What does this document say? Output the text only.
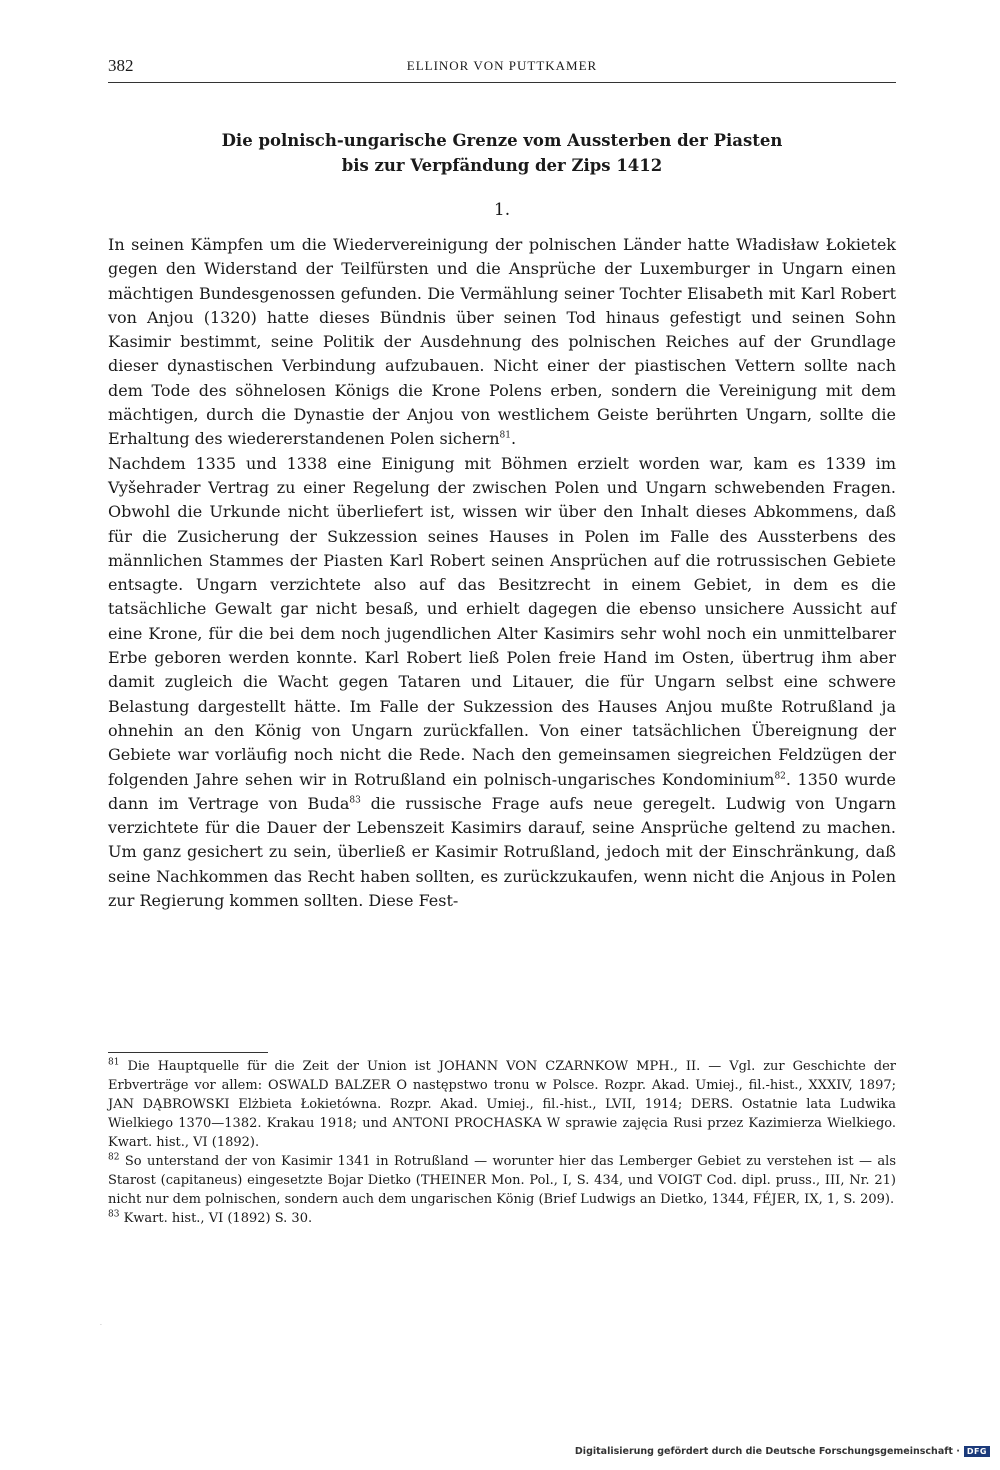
382	ELLINOR VON PUTTKAMER
Die polnisch-ungarische Grenze vom Aussterben der Piasten
bis zur Verpfändung der Zips 1412
1.

In seinen Kämpfen um die Wiedervereinigung der polnischen Länder hatte Władisław Łokietek gegen den Widerstand der Teilfürsten und die Ansprüche der Luxemburger in Ungarn einen mächtigen Bundesgenossen gefunden. Die Vermählung seiner Tochter Elisabeth mit Karl Robert von Anjou (1320) hatte dieses Bündnis über seinen Tod hinaus gefestigt und seinen Sohn Kasimir bestimmt, seine Politik der Ausdehnung des polnischen Reiches auf der Grundlage dieser dynastischen Verbindung aufzubauen. Nicht einer der piastischen Vettern sollte nach dem Tode des söhnelosen Königs die Krone Polens erben, sondern die Vereinigung mit dem mächtigen, durch die Dynastie der Anjou von westlichem Geiste berührten Ungarn, sollte die Erhaltung des wiedererstandenen Polen sichern$^{81}$.

Nachdem 1335 und 1338 eine Einigung mit Böhmen erzielt worden war, kam es 1339 im Vyšehrader Vertrag zu einer Regelung der zwischen Polen und Ungarn schwebenden Fragen. Obwohl die Urkunde nicht überliefert ist, wissen wir über den Inhalt dieses Abkommens, daß für die Zusicherung der Sukzession seines Hauses in Polen im Falle des Aussterbens des männlichen Stammes der Piasten Karl Robert seinen Ansprüchen auf die rotrussischen Gebiete entsagte. Ungarn verzichtete also auf das Besitzrecht in einem Gebiet, in dem es die tatsächliche Gewalt gar nicht besaß, und erhielt dagegen die ebenso unsichere Aussicht auf eine Krone, für die bei dem noch jugendlichen Alter Kasimirs sehr wohl noch ein unmittelbarer Erbe geboren werden konnte. Karl Robert ließ Polen freie Hand im Osten, übertrug ihm aber damit zugleich die Wacht gegen Tataren und Litauer, die für Ungarn selbst eine schwere Belastung dargestellt hätte. Im Falle der Sukzession des Hauses Anjou mußte Rotrußland ja ohnehin an den König von Ungarn zurückfallen. Von einer tatsächlichen Übereignung der Gebiete war vorläufig noch nicht die Rede. Nach den gemeinsamen siegreichen Feldzügen der folgenden Jahre sehen wir in Rotrußland ein polnisch-ungarisches Kondominium$^{82}$. 1350 wurde dann im Vertrage von Buda$^{83}$ die russische Frage aufs neue geregelt. Ludwig von Ungarn verzichtete für die Dauer der Lebenszeit Kasimirs darauf, seine Ansprüche geltend zu machen. Um ganz gesichert zu sein, überließ er Kasimir Rotrußland, jedoch mit der Einschränkung, daß seine Nachkommen das Recht haben sollten, es zurückzukaufen, wenn nicht die Anjous in Polen zur Regierung kommen sollten. Diese Fest-

$^{81}$ Die Hauptquelle für die Zeit der Union ist JOHANN VON CZARNKOW MPH., II. — Vgl. zur Geschichte der Erbverträge vor allem: OSWALD BALZER O następstwo tronu w Polsce. Rozpr. Akad. Umiej., fil.-hist., XXXIV, 1897; JAN DĄBROWSKI Elżbieta Łokietówna. Rozpr. Akad. Umiej., fil.-hist., LVII, 1914; DERS. Ostatnie lata Ludwika Wielkiego 1370—1382. Krakau 1918; und ANTONI PROCHASKA W sprawie zajęcia Rusi przez Kazimierza Wielkiego. Kwart. hist., VI (1892).

$^{82}$ So unterstand der von Kasimir 1341 in Rotrußland — worunter hier das Lemberger Gebiet zu verstehen ist — als Starost (capitaneus) eingesetzte Bojar Dietko (THEINER Mon. Pol., I, S. 434, und VOIGT Cod. dipl. pruss., III, Nr. 21) nicht nur dem polnischen, sondern auch dem ungarischen König (Brief Ludwigs an Dietko, 1344, FÉJER, IX, 1, S. 209).

$^{83}$ Kwart. hist., VI (1892) S. 30.

·
Digitalisierung gefördert durch die Deutsche Forschungsgemeinschaft · DFG
